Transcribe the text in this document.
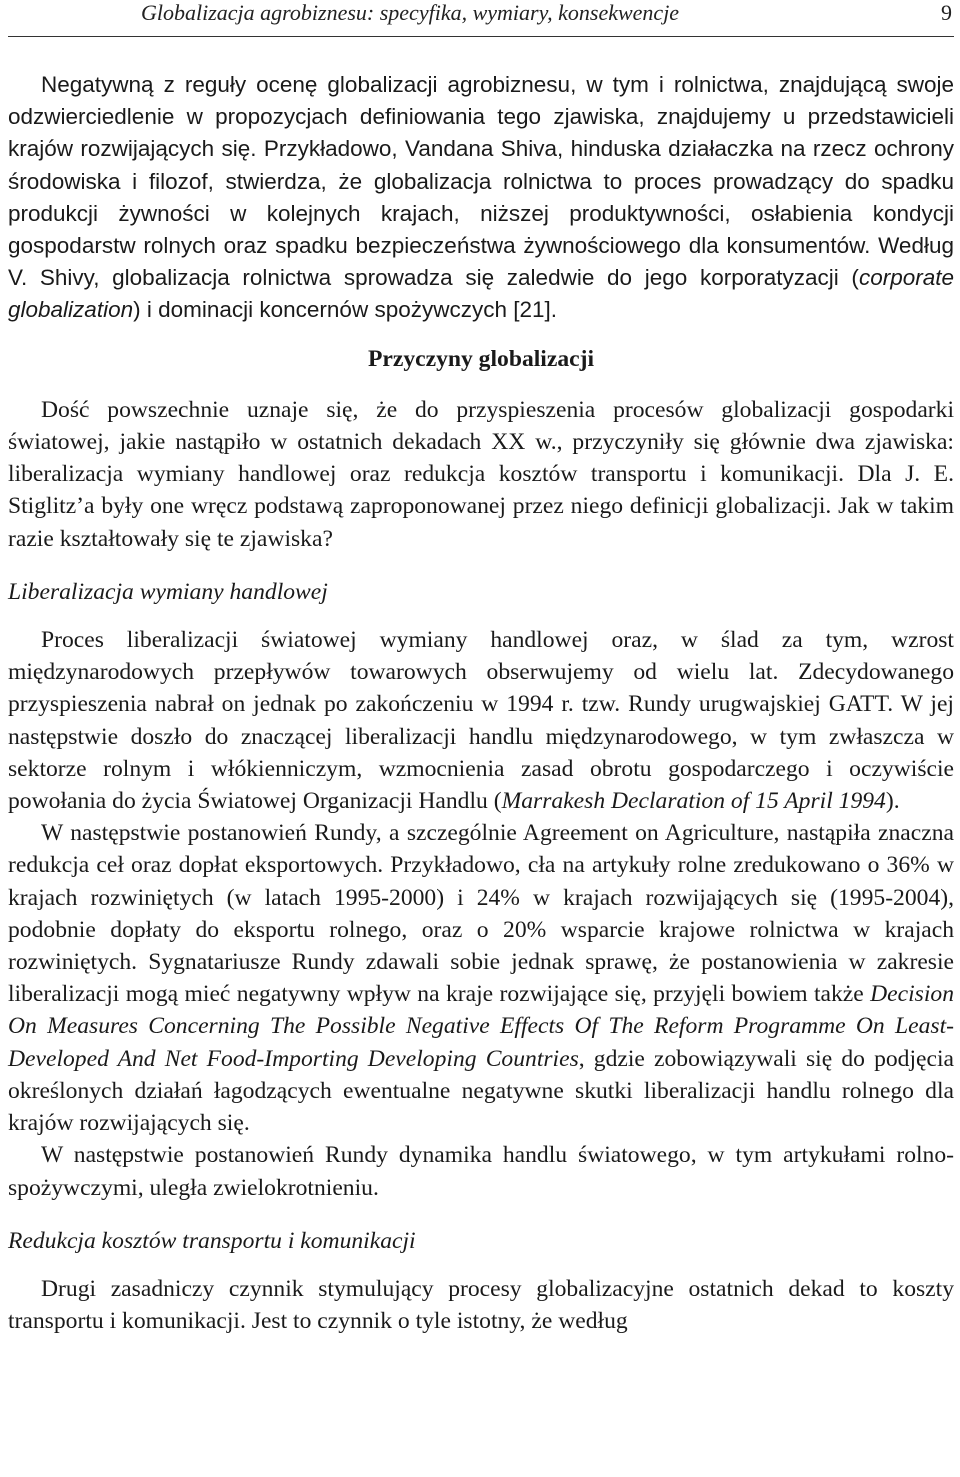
Globalizacja agrobiznesu: specyfika, wymiary, konsekwencje	9

Negatywną z reguły ocenę globalizacji agrobiznesu, w tym i rolnictwa, znajdującą swoje odzwierciedlenie w propozycjach definiowania tego zjawiska, znajdujemy u przedstawicieli krajów rozwijających się. Przykładowo, Vandana Shiva, hinduska działaczka na rzecz ochrony środowiska i filozof, stwierdza, że globalizacja rolnictwa to proces prowadzący do spadku produkcji żywności w kolejnych krajach, niższej produktywności, osłabienia kondycji gospodarstw rolnych oraz spadku bezpieczeństwa żywnościowego dla konsumentów. Według V. Shivy, globalizacja rolnictwa sprowadza się zaledwie do jego korporatyzacji (corporate globalization) i dominacji koncernów spożywczych [21].

Przyczyny globalizacji

Dość powszechnie uznaje się, że do przyspieszenia procesów globalizacji gospodarki światowej, jakie nastąpiło w ostatnich dekadach XX w., przyczyniły się głównie dwa zjawiska: liberalizacja wymiany handlowej oraz redukcja kosztów transportu i komunikacji. Dla J. E. Stiglitz’a były one wręcz podstawą zaproponowanej przez niego definicji globalizacji. Jak w takim razie kształtowały się te zjawiska?

Liberalizacja wymiany handlowej

Proces liberalizacji światowej wymiany handlowej oraz, w ślad za tym, wzrost międzynarodowych przepływów towarowych obserwujemy od wielu lat. Zdecydowanego przyspieszenia nabrał on jednak po zakończeniu w 1994 r. tzw. Rundy urugwajskiej GATT. W jej następstwie doszło do znaczącej liberalizacji handlu międzynarodowego, w tym zwłaszcza w sektorze rolnym i włókienniczym, wzmocnienia zasad obrotu gospodarczego i oczywiście powołania do życia Światowej Organizacji Handlu (Marrakesh Declaration of 15 April 1994).

W następstwie postanowień Rundy, a szczególnie Agreement on Agriculture, nastąpiła znaczna redukcja ceł oraz dopłat eksportowych. Przykładowo, cła na artykuły rolne zredukowano o 36% w krajach rozwiniętych (w latach 1995-2000) i 24% w krajach rozwijających się (1995-2004), podobnie dopłaty do eksportu rolnego, oraz o 20% wsparcie krajowe rolnictwa w krajach rozwiniętych. Sygnatariusze Rundy zdawali sobie jednak sprawę, że postanowienia w zakresie liberalizacji mogą mieć negatywny wpływ na kraje rozwijające się, przyjęli bowiem także Decision On Measures Concerning The Possible Negative Effects Of The Reform Programme On Least-Developed And Net Food-Importing Developing Countries, gdzie zobowiązywali się do podjęcia określonych działań łagodzących ewentualne negatywne skutki liberalizacji handlu rolnego dla krajów rozwijających się.

W następstwie postanowień Rundy dynamika handlu światowego, w tym artykułami rolno-spożywczymi, uległa zwielokrotnieniu.

Redukcja kosztów transportu i komunikacji

Drugi zasadniczy czynnik stymulujący procesy globalizacyjne ostatnich dekad to koszty transportu i komunikacji. Jest to czynnik o tyle istotny, że według
